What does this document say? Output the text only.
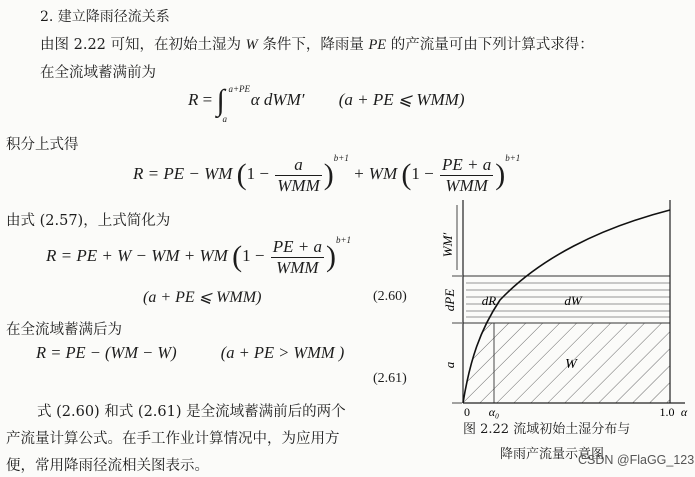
2. 建立降雨径流关系
由图 2.22 可知，在初始土湿为 W 条件下，降雨量 PE 的产流量可由下列计算式求得：
在全流域蓄满前为
R = ∫ a+PE
a
α dWM′ (a + PE ⩽ WMM)
积分上式得
R = PE − WM $(1 - \frac{a}{\text{WMM}} )^{b+1}$ + WM $(1 - \frac{PE + a}{\text{WMM}} )^{b+1}$
由式 (2.57)，上式简化为
R = PE + W − WM + WM $(1 - \frac{PE + a}{\text{WMM}} )^{b+1}$
(a + PE ⩽ WMM)	(2.60)
在全流域蓄满后为
R = PE − (WM − W)	(a + PE > WMM )
(2.61)
式 (2.60) 和式 (2.61) 是全流域蓄满前后的两个
产流量计算公式。在手工作业计算情况中，为应用方
便，常用降雨径流相关图表示。
WM′
dPE
a
dR	dW
W
0 α₀	1.0 α
图 2.22 流域初始土湿分布与
降雨产流量示意图
CSDN @FlaGG_123
